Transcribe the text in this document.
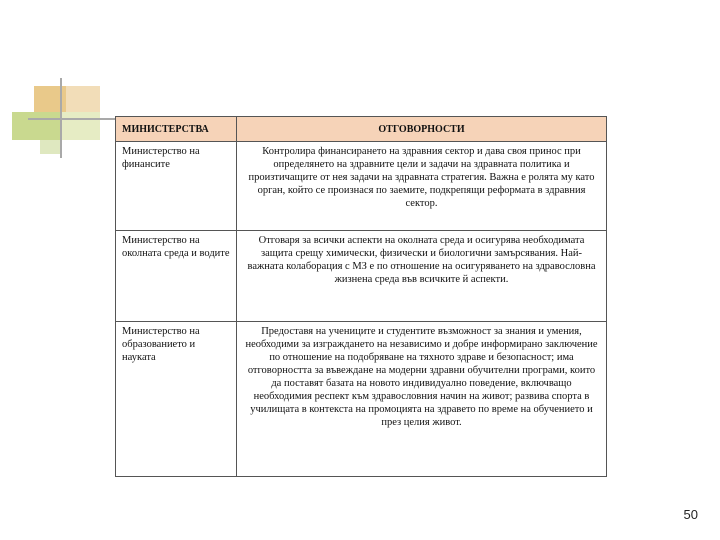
МИНИСТЕРСТВА	ОТГОВОРНОСТИ
Министерство на финансите	Контролира финансирането на здравния сектор и дава своя принос при определянето на здравните цели и задачи на здравната политика и произтичащите от нея задачи на здравната стратегия. Важна е ролята му като орган, който се произнася по заемите, подкрепящи реформата в здравния сектор.
Министерство на околната среда и водите	Отговаря за всички аспекти на околната среда и осигурява необходимата защита срещу химически, физически и биологични замърсявания. Най-важната колаборация с МЗ е по отношение на осигуряването на здравословна жизнена среда във всичките й аспекти.
Министерство на образованието и науката	Предоставя на учениците и студентите възможност за знания и умения, необходими за изграждането на независимо и добре информирано заключение по отношение на подобряване на тяхното здраве и безопасност; има отговорността за въвеждане на модерни здравни обучителни програми, които да поставят базата на новото индивидуално поведение, включващо необходимия респект към здравословния начин на живот; развива спорта в училищата в контекста на промоцията на здравето по време на обучението и през целия живот.
50
